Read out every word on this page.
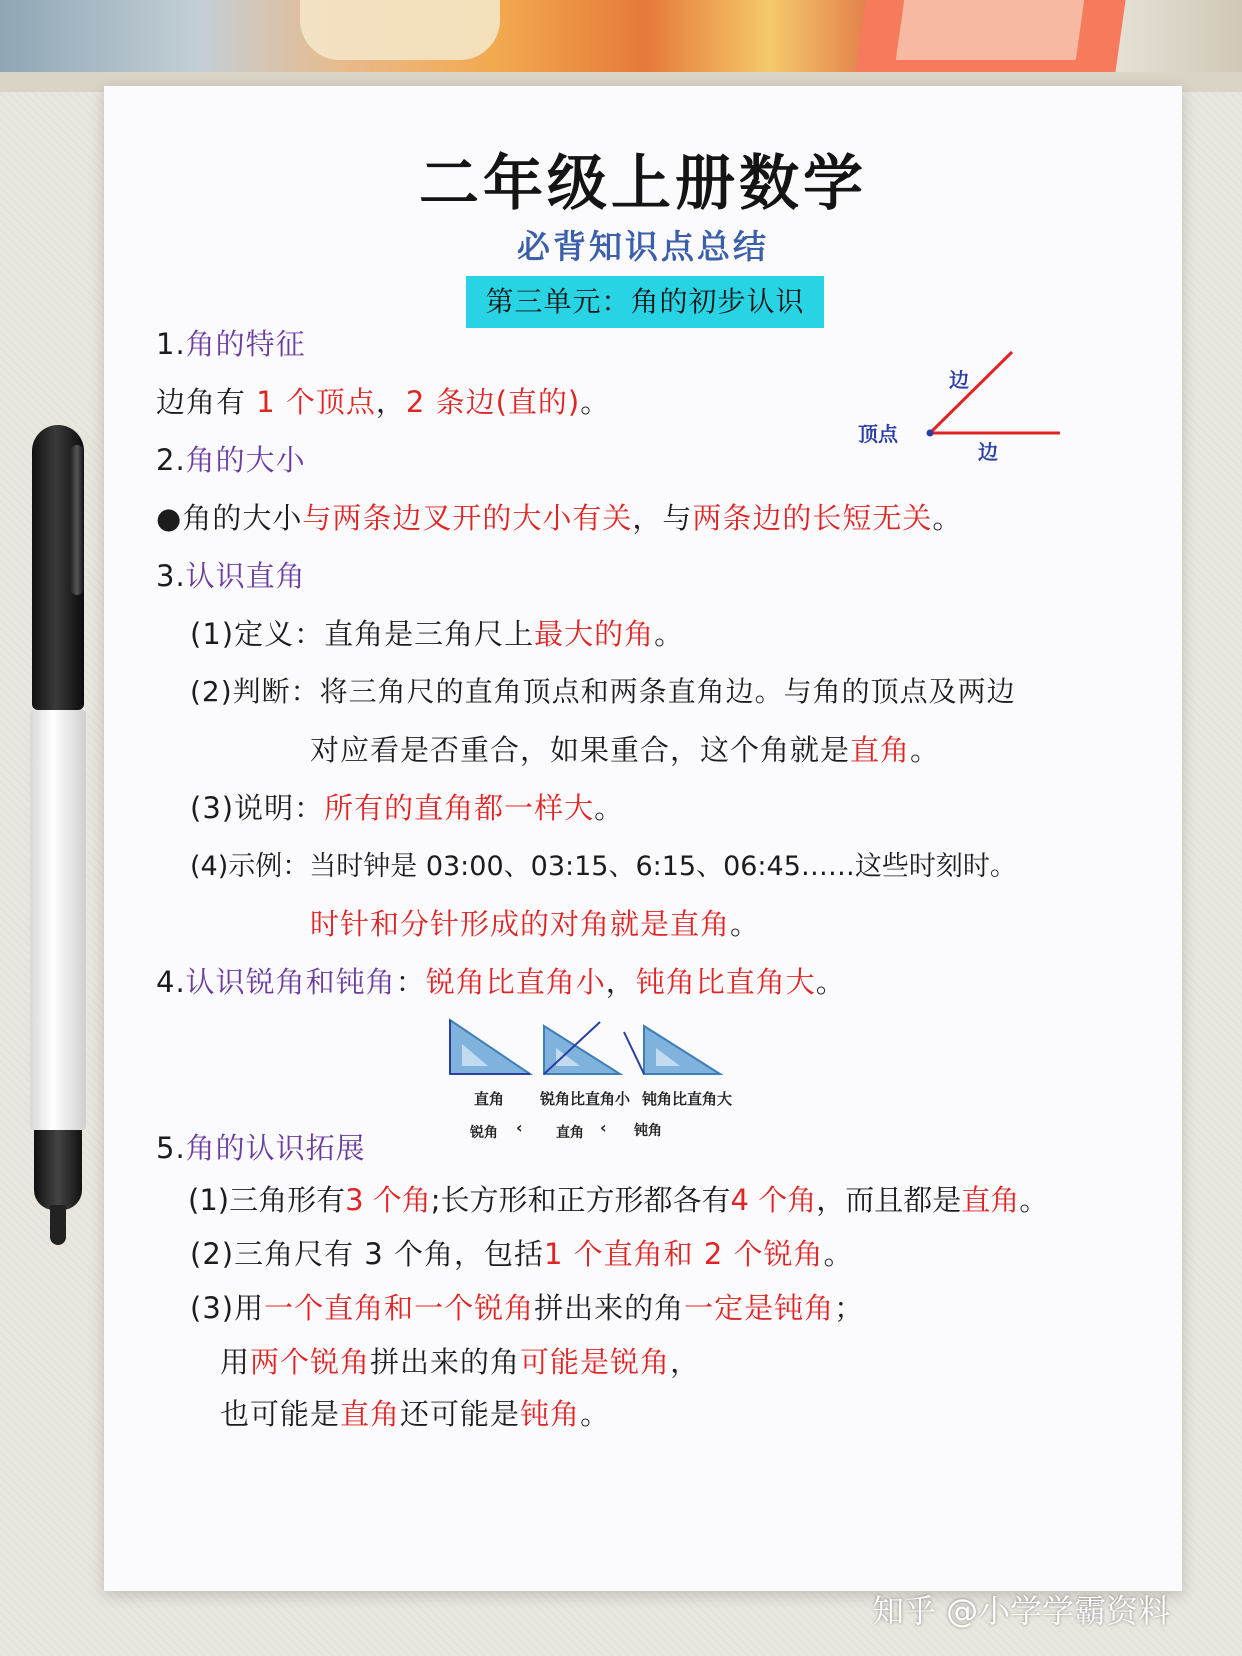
二年级上册数学
必背知识点总结
第三单元：角的初步认识
1.角的特征
边角有 1 个顶点，2 条边(直的)。
边
顶点
边
2.角的大小
●角的大小与两条边叉开的大小有关，与两条边的长短无关。
3.认识直角
(1)定义：直角是三角尺上最大的角。
(2)判断：将三角尺的直角顶点和两条直角边。与角的顶点及两边
对应看是否重合，如果重合，这个角就是直角。
(3)说明：所有的直角都一样大。
(4)示例：当时钟是 03:00、03:15、6:15、06:45……这些时刻时。
时针和分针形成的对角就是直角。
4.认识锐角和钝角：锐角比直角小，钝角比直角大。
直角 锐角比直角小 钝角比直角大
锐角 ‹ 直角 ‹ 钝角
5.角的认识拓展
(1)三角形有3 个角;长方形和正方形都各有4 个角，而且都是直角。
(2)三角尺有 3 个角，包括1 个直角和 2 个锐角。
(3)用一个直角和一个锐角拼出来的角一定是钝角；
用两个锐角拼出来的角可能是锐角，
也可能是直角还可能是钝角。
知乎 @小学学霸资料
